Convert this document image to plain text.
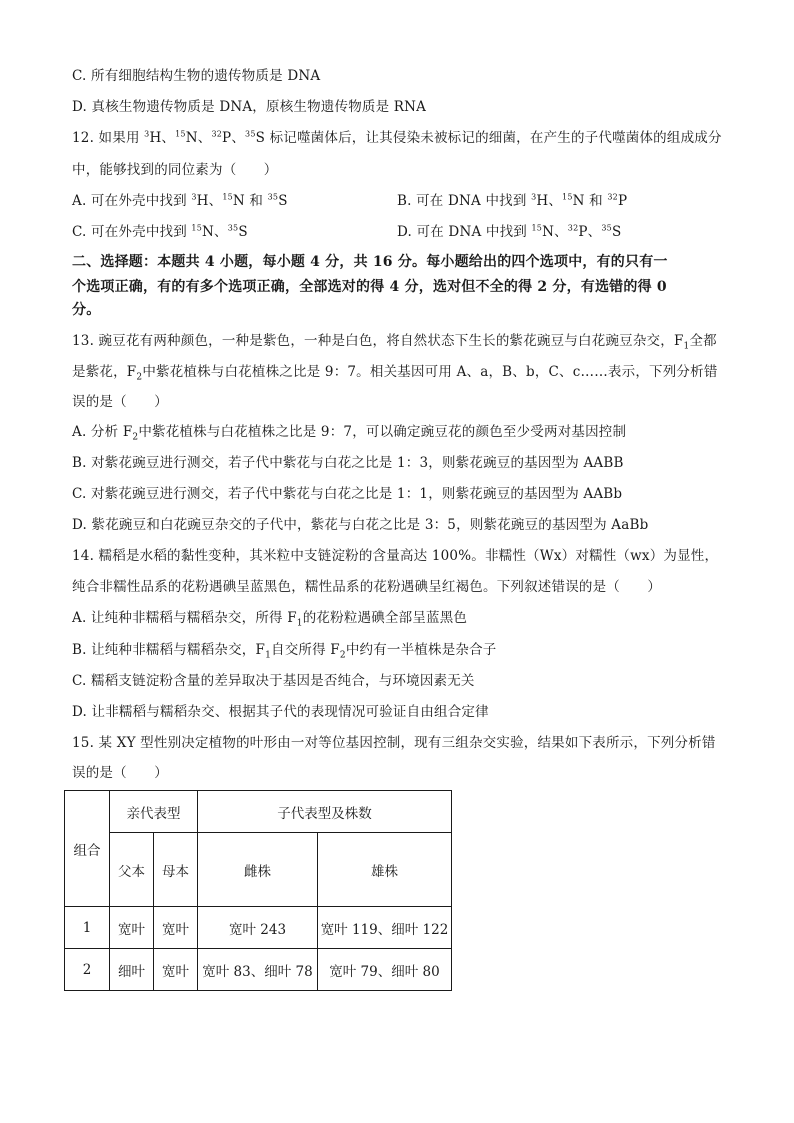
C. 所有细胞结构生物的遗传物质是 DNA
D. 真核生物遗传物质是 DNA，原核生物遗传物质是 RNA
12. 如果用 $^3$H、$^{15}$N、$^{32}$P、$^{35}$S 标记噬菌体后，让其侵染未被标记的细菌，在产生的子代噬菌体的组成成分
中，能够找到的同位素为（　　）
A. 可在外壳中找到 $^3$H、$^{15}$N 和 $^{35}$S	B. 可在 DNA 中找到 $^3$H、$^{15}$N 和 $^{32}$P
C. 可在外壳中找到 $^{15}$N、$^{35}$S	D. 可在 DNA 中找到 $^{15}$N、$^{32}$P、$^{35}$S
二、选择题：本题共 4 小题，每小题 4 分，共 16 分。每小题给出的四个选项中，有的只有一
个选项正确，有的有多个选项正确，全部选对的得 4 分，选对但不全的得 2 分，有选错的得 0
分。
13. 豌豆花有两种颜色，一种是紫色，一种是白色，将自然状态下生长的紫花豌豆与白花豌豆杂交，$F_1$全都
是紫花，$F_2$中紫花植株与白花植株之比是 9：7。相关基因可用 A、a，B、b，C、c……表示，下列分析错
误的是（　　）
A. 分析 $F_2$中紫花植株与白花植株之比是 9：7，可以确定豌豆花的颜色至少受两对基因控制
B. 对紫花豌豆进行测交，若子代中紫花与白花之比是 1：3，则紫花豌豆的基因型为 AABB
C. 对紫花豌豆进行测交，若子代中紫花与白花之比是 1：1，则紫花豌豆的基因型为 AABb
D. 紫花豌豆和白花豌豆杂交的子代中，紫花与白花之比是 3：5，则紫花豌豆的基因型为 AaBb
14. 糯稻是水稻的黏性变种，其米粒中支链淀粉的含量高达 100%。非糯性（Wx）对糯性（wx）为显性，
纯合非糯性品系的花粉遇碘呈蓝黑色，糯性品系的花粉遇碘呈红褐色。下列叙述错误的是（　　）
A. 让纯种非糯稻与糯稻杂交，所得 $F_1$的花粉粒遇碘全部呈蓝黑色
B. 让纯种非糯稻与糯稻杂交，$F_1$自交所得 $F_2$中约有一半植株是杂合子
C. 糯稻支链淀粉含量的差异取决于基因是否纯合，与环境因素无关
D. 让非糯稻与糯稻杂交、根据其子代的表现情况可验证自由组合定律
15. 某 XY 型性别决定植物的叶形由一对等位基因控制，现有三组杂交实验，结果如下表所示，下列分析错
误的是（　　）
组合	亲代表型		子代表型及株数	
	父本	母本	雌株	雄株
1	宽叶	宽叶	宽叶 243	宽叶 119、细叶 122
2	细叶	宽叶	宽叶 83、细叶 78	宽叶 79、细叶 80
